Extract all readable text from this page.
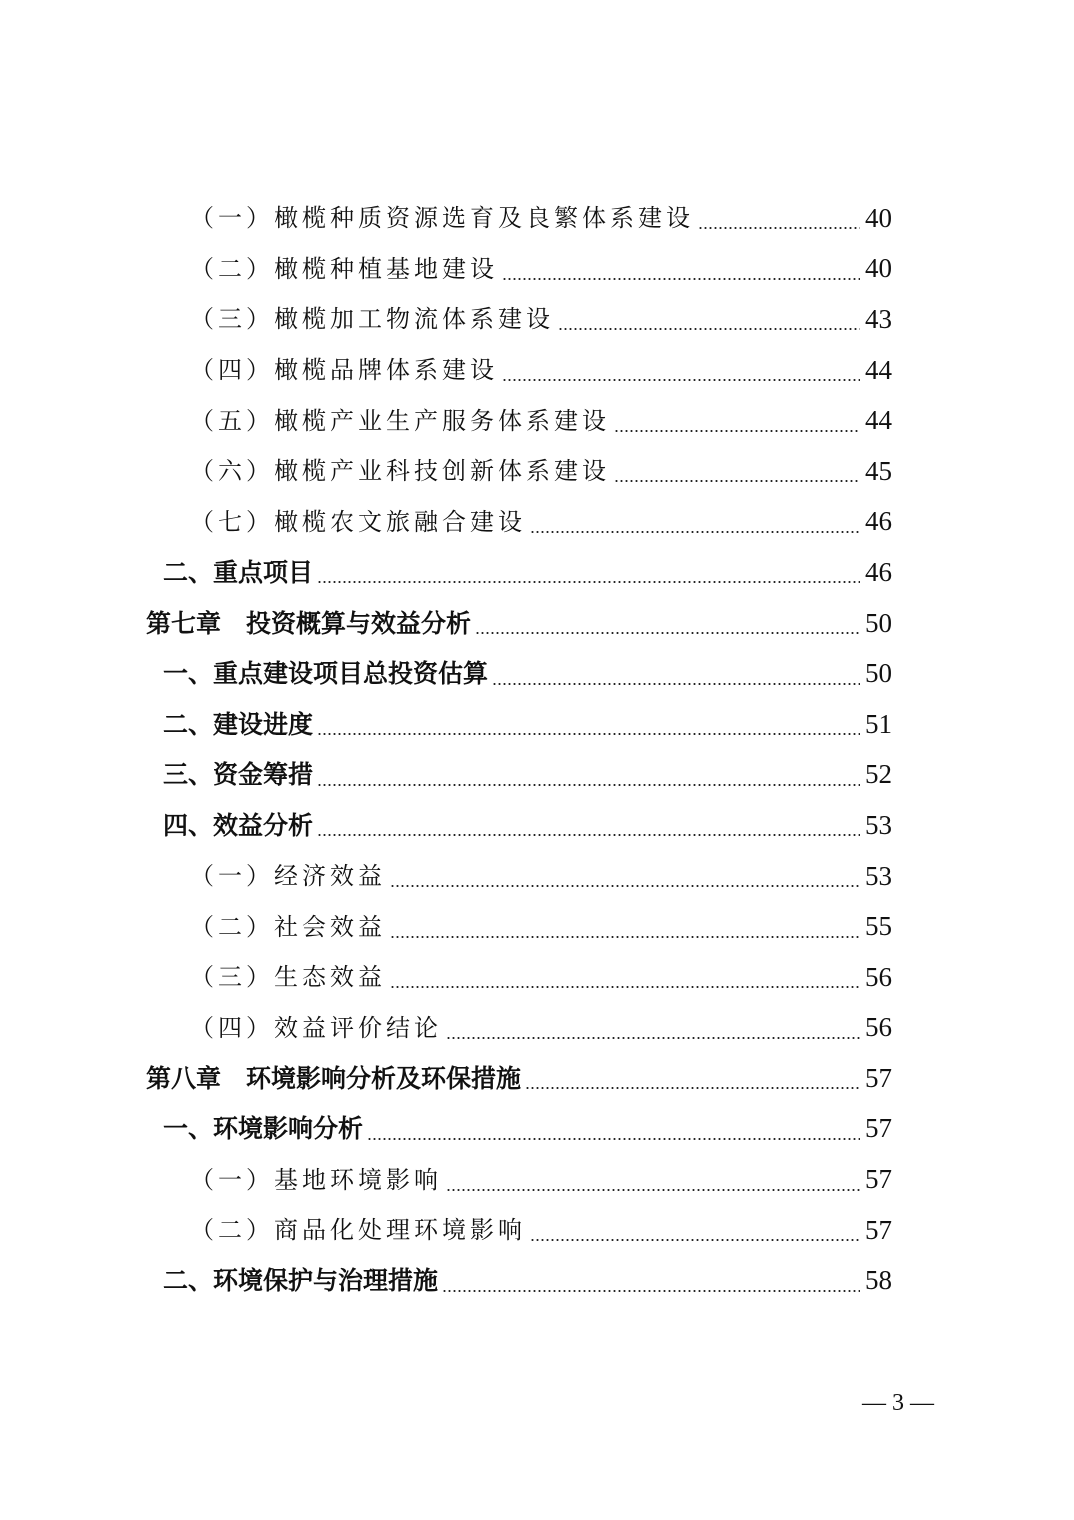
（一）橄榄种质资源选育及良繁体系建设	40
（二）橄榄种植基地建设	40
（三）橄榄加工物流体系建设	43
（四）橄榄品牌体系建设	44
（五）橄榄产业生产服务体系建设	44
（六）橄榄产业科技创新体系建设	45
（七）橄榄农文旅融合建设	46
二、重点项目	46
第七章　投资概算与效益分析	50
一、重点建设项目总投资估算	50
二、建设进度	51
三、资金筹措	52
四、效益分析	53
（一）经济效益	53
（二）社会效益	55
（三）生态效益	56
（四）效益评价结论	56
第八章　环境影响分析及环保措施	57
一、环境影响分析	57
（一）基地环境影响	57
（二）商品化处理环境影响	57
二、环境保护与治理措施	58
— 3 —
